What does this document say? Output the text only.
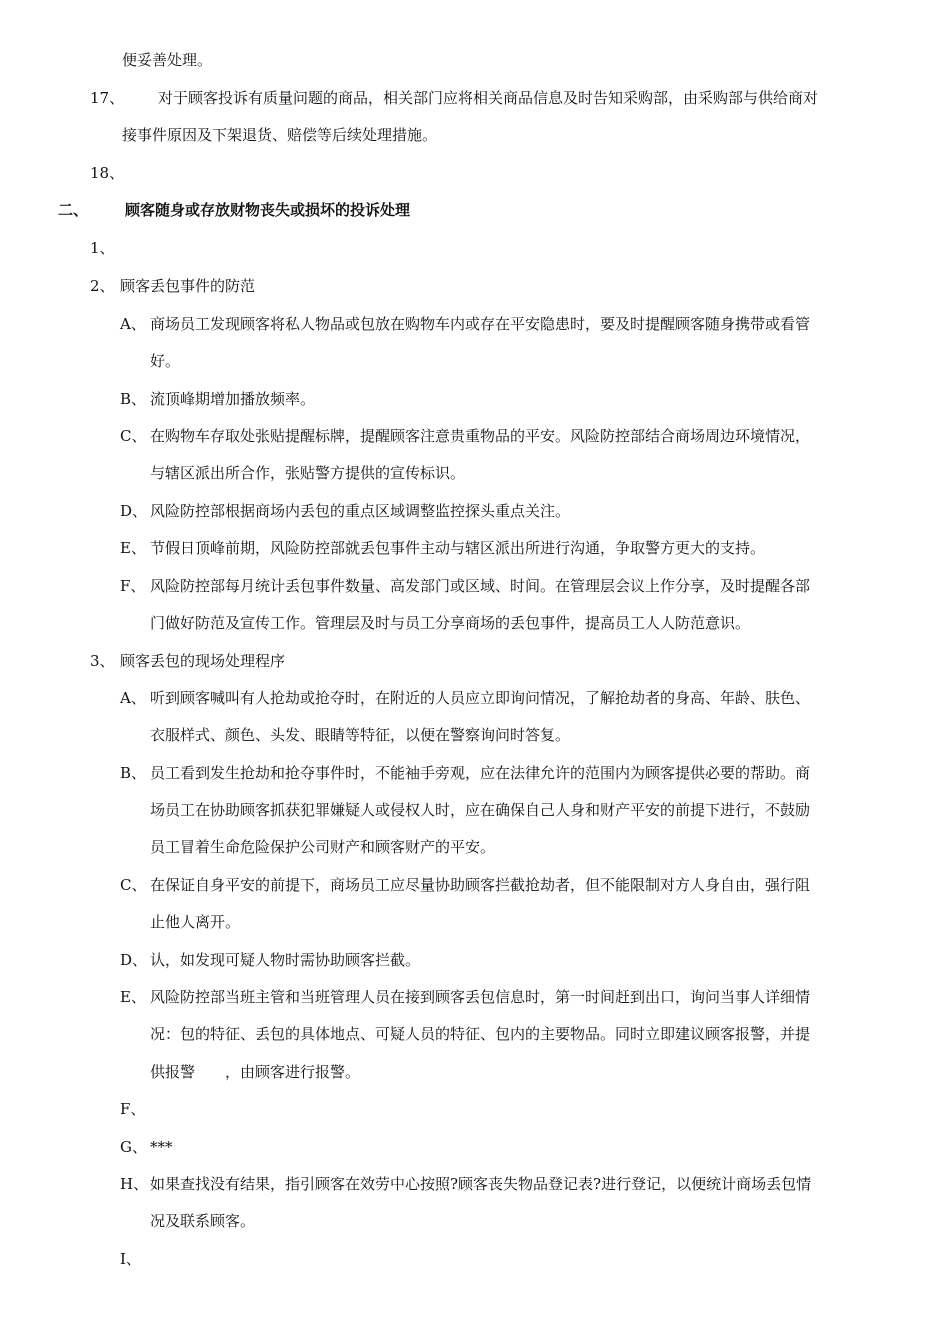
便妥善处理。
17、 对于顾客投诉有质量问题的商品，相关部门应将相关商品信息及时告知采购部，由采购部与供给商对
接事件原因及下架退货、赔偿等后续处理措施。
18、
二、 顾客随身或存放财物丧失或损坏的投诉处理
1、
2、 顾客丢包事件的防范
A、 商场员工发现顾客将私人物品或包放在购物车内或存在平安隐患时，要及时提醒顾客随身携带或看管
好。
B、 流顶峰期增加播放频率。
C、 在购物车存取处张贴提醒标牌，提醒顾客注意贵重物品的平安。风险防控部结合商场周边环境情况，
与辖区派出所合作，张贴警方提供的宣传标识。
D、 风险防控部根据商场内丢包的重点区域调整监控探头重点关注。
E、 节假日顶峰前期，风险防控部就丢包事件主动与辖区派出所进行沟通，争取警方更大的支持。
F、 风险防控部每月统计丢包事件数量、高发部门或区域、时间。在管理层会议上作分享，及时提醒各部
门做好防范及宣传工作。管理层及时与员工分享商场的丢包事件，提高员工人人防范意识。
3、 顾客丢包的现场处理程序
A、 听到顾客喊叫有人抢劫或抢夺时，在附近的人员应立即询问情况，了解抢劫者的身高、年龄、肤色、
衣服样式、颜色、头发、眼睛等特征，以便在警察询问时答复。
B、 员工看到发生抢劫和抢夺事件时，不能袖手旁观，应在法律允许的范围内为顾客提供必要的帮助。商
场员工在协助顾客抓获犯罪嫌疑人或侵权人时，应在确保自己人身和财产平安的前提下进行，不鼓励
员工冒着生命危险保护公司财产和顾客财产的平安。
C、 在保证自身平安的前提下，商场员工应尽量协助顾客拦截抢劫者，但不能限制对方人身自由，强行阻
止他人离开。
D、 认，如发现可疑人物时需协助顾客拦截。
E、 风险防控部当班主管和当班管理人员在接到顾客丢包信息时，第一时间赶到出口，询问当事人详细情
况：包的特征、丢包的具体地点、可疑人员的特征、包内的主要物品。同时立即建议顾客报警，并提
供报警　　，由顾客进行报警。
F、
G、 ***
H、 如果查找没有结果，指引顾客在效劳中心按照?顾客丧失物品登记表?进行登记，以便统计商场丢包情
况及联系顾客。
I、
